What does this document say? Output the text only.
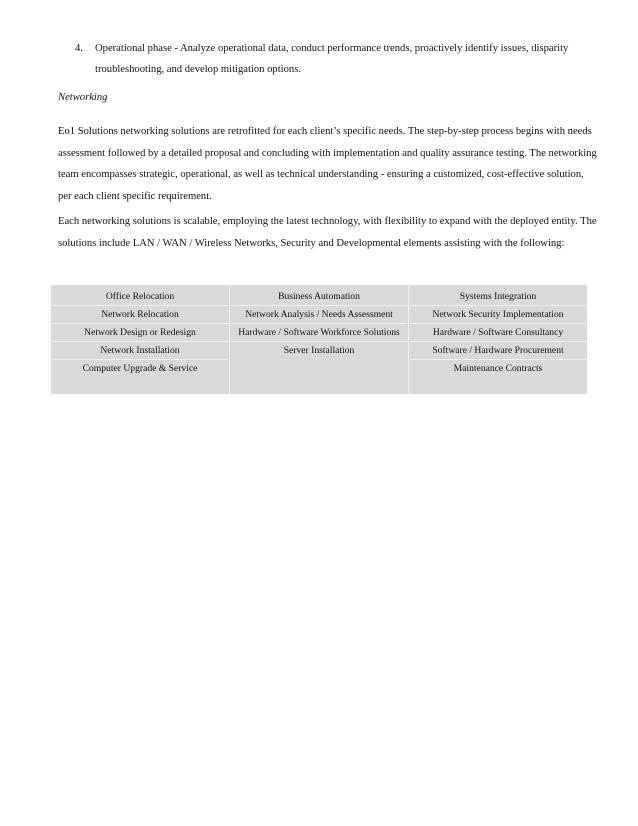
4. Operational phase - Analyze operational data, conduct performance trends, proactively identify issues, disparity troubleshooting, and develop mitigation options.
Networking
Eo1 Solutions networking solutions are retrofitted for each client’s specific needs. The step-by-step process begins with needs assessment followed by a detailed proposal and concluding with implementation and quality assurance testing. The networking team encompasses strategic, operational, as well as technical understanding - ensuring a customized, cost-effective solution, per each client specific requirement.
Each networking solutions is scalable, employing the latest technology, with flexibility to expand with the deployed entity. The solutions include LAN / WAN / Wireless Networks, Security and Developmental elements assisting with the following:
Office Relocation
Network Relocation
Network Design or Redesign
Network Installation
Computer Upgrade & Service
Business Automation
Network Analysis / Needs Assessment
Hardware / Software Workforce Solutions
Server Installation
Systems Integration
Network Security Implementation
Hardware / Software Consultancy
Software / Hardware Procurement
Maintenance Contracts
